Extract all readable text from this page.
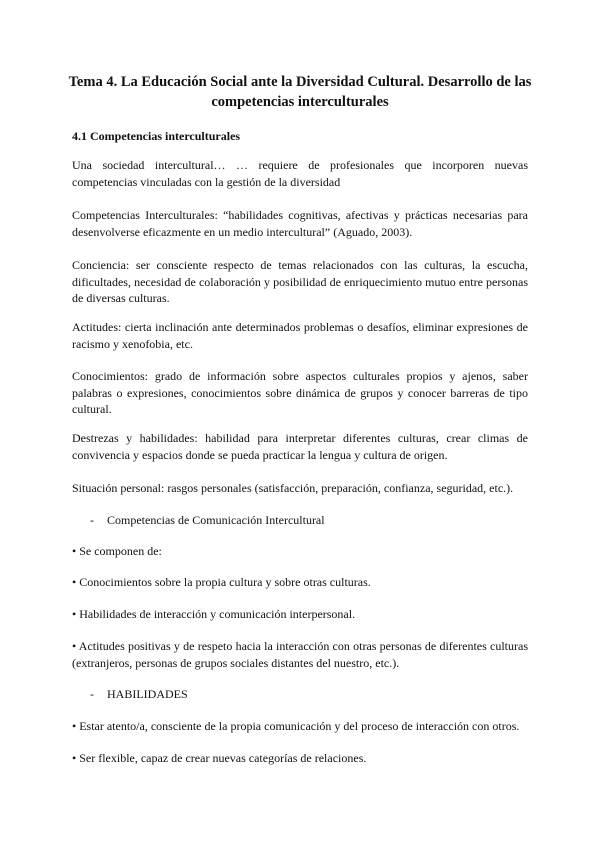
Tema 4. La Educación Social ante la Diversidad Cultural. Desarrollo de las competencias interculturales
4.1 Competencias interculturales
Una sociedad intercultural… … requiere de profesionales que incorporen nuevas competencias vinculadas con la gestión de la diversidad
Competencias Interculturales: “habilidades cognitivas, afectivas y prácticas necesarias para desenvolverse eficazmente en un medio intercultural” (Aguado, 2003).
Conciencia: ser consciente respecto de temas relacionados con las culturas, la escucha, dificultades, necesidad de colaboración y posibilidad de enriquecimiento mutuo entre personas de diversas culturas.
Actitudes: cierta inclinación ante determinados problemas o desafíos, eliminar expresiones de racismo y xenofobia, etc.
Conocimientos: grado de información sobre aspectos culturales propios y ajenos, saber palabras o expresiones, conocimientos sobre dinámica de grupos y conocer barreras de tipo cultural.
Destrezas y habilidades: habilidad para interpretar diferentes culturas, crear climas de convivencia y espacios donde se pueda practicar la lengua y cultura de origen.
Situación personal: rasgos personales (satisfacción, preparación, confianza, seguridad, etc.).
- Competencias de Comunicación Intercultural
• Se componen de:
• Conocimientos sobre la propia cultura y sobre otras culturas.
• Habilidades de interacción y comunicación interpersonal.
• Actitudes positivas y de respeto hacia la interacción con otras personas de diferentes culturas (extranjeros, personas de grupos sociales distantes del nuestro, etc.).
- HABILIDADES
• Estar atento/a, consciente de la propia comunicación y del proceso de interacción con otros.
• Ser flexible, capaz de crear nuevas categorías de relaciones.
